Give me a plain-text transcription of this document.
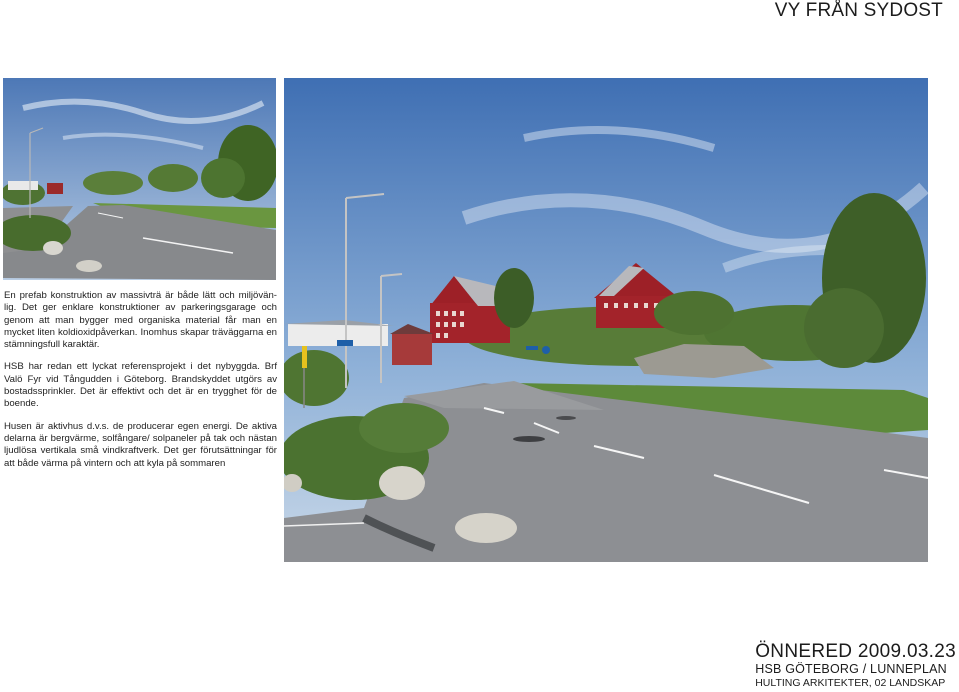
VY FRÅN SYDOST

En prefab konstruktion av massivträ är både lätt och miljövän-lig. Det ger enklare konstruktioner av parkeringsgarage och genom att man bygger med organiska material får man en mycket liten koldioxidpåverkan. Inomhus skapar träväggarna en stämningsfull karaktär.

HSB har redan ett lyckat referensprojekt i det nybyggda. Brf Valö Fyr vid Tångudden i Göteborg. Brandskyddet utgörs av bostadssprinkler. Det är effektivt och det är en trygghet för de boende.

Husen är aktivhus d.v.s. de producerar egen energi. De aktiva delarna är bergvärme, solfångare/ solpaneler på tak och nästan ljudlösa vertikala små vindkraftverk. Det ger förutsättningar för att både värma på vintern och att kyla på sommaren

ÖNNERED 2009.03.23
HSB GÖTEBORG / LUNNEPLAN
HULTING ARKITEKTER, 02 LANDSKAP
